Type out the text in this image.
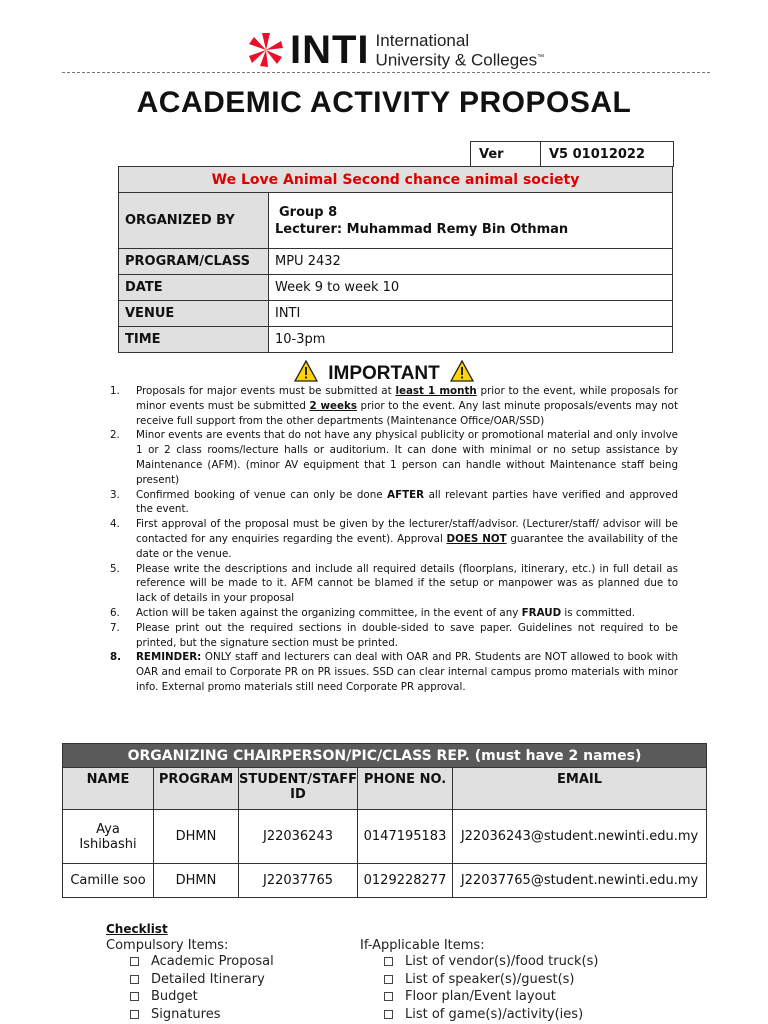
INTI International
University & Colleges™
ACADEMIC ACTIVITY PROPOSAL
Ver	V5 01012022
We Love Animal Second chance animal society	
ORGANIZED BY	Group 8
Lecturer: Muhammad Remy Bin Othman

PROGRAM/CLASS	MPU 2432
DATE	Week 9 to week 10
VENUE	INTI
TIME	10-3pm
IMPORTANT
1. Proposals for major events must be submitted at least 1 month prior to the event, while proposals for minor events must be submitted 2 weeks prior to the event. Any last minute proposals/events may not receive full support from the other departments (Maintenance Office/OAR/SSD)
2. Minor events are events that do not have any physical publicity or promotional material and only involve 1 or 2 class rooms/lecture halls or auditorium. It can done with minimal or no setup assistance by Maintenance (AFM). (minor AV equipment that 1 person can handle without Maintenance staff being present)
3. Confirmed booking of venue can only be done AFTER all relevant parties have verified and approved the event.
4. First approval of the proposal must be given by the lecturer/staff/advisor. (Lecturer/staff/ advisor will be contacted for any enquiries regarding the event). Approval DOES NOT guarantee the availability of the date or the venue.
5. Please write the descriptions and include all required details (floorplans, itinerary, etc.) in full detail as reference will be made to it. AFM cannot be blamed if the setup or manpower was as planned due to lack of details in your proposal
6. Action will be taken against the organizing committee, in the event of any FRAUD is committed.
7. Please print out the required sections in double-sided to save paper. Guidelines not required to be printed, but the signature section must be printed.
8. REMINDER: ONLY staff and lecturers can deal with OAR and PR. Students are NOT allowed to book with OAR and email to Corporate PR on PR issues. SSD can clear internal campus promo materials with minor info. External promo materials still need Corporate PR approval.
ORGANIZING CHAIRPERSON/PIC/CLASS REP. (must have 2 names)				
NAME	PROGRAM	STUDENT/STAFF ID	PHONE NO.	EMAIL
Aya Ishibashi	DHMN	J22036243	0147195183	J22036243@student.newinti.edu.my
Camille soo	DHMN	J22037765	0129228277	J22037765@student.newinti.edu.my
Checklist
Compulsory Items:
Academic Proposal
Detailed Itinerary
Budget
Signatures
If-Applicable Items:
List of vendor(s)/food truck(s)
List of speaker(s)/guest(s)
Floor plan/Event layout
List of game(s)/activity(ies)
